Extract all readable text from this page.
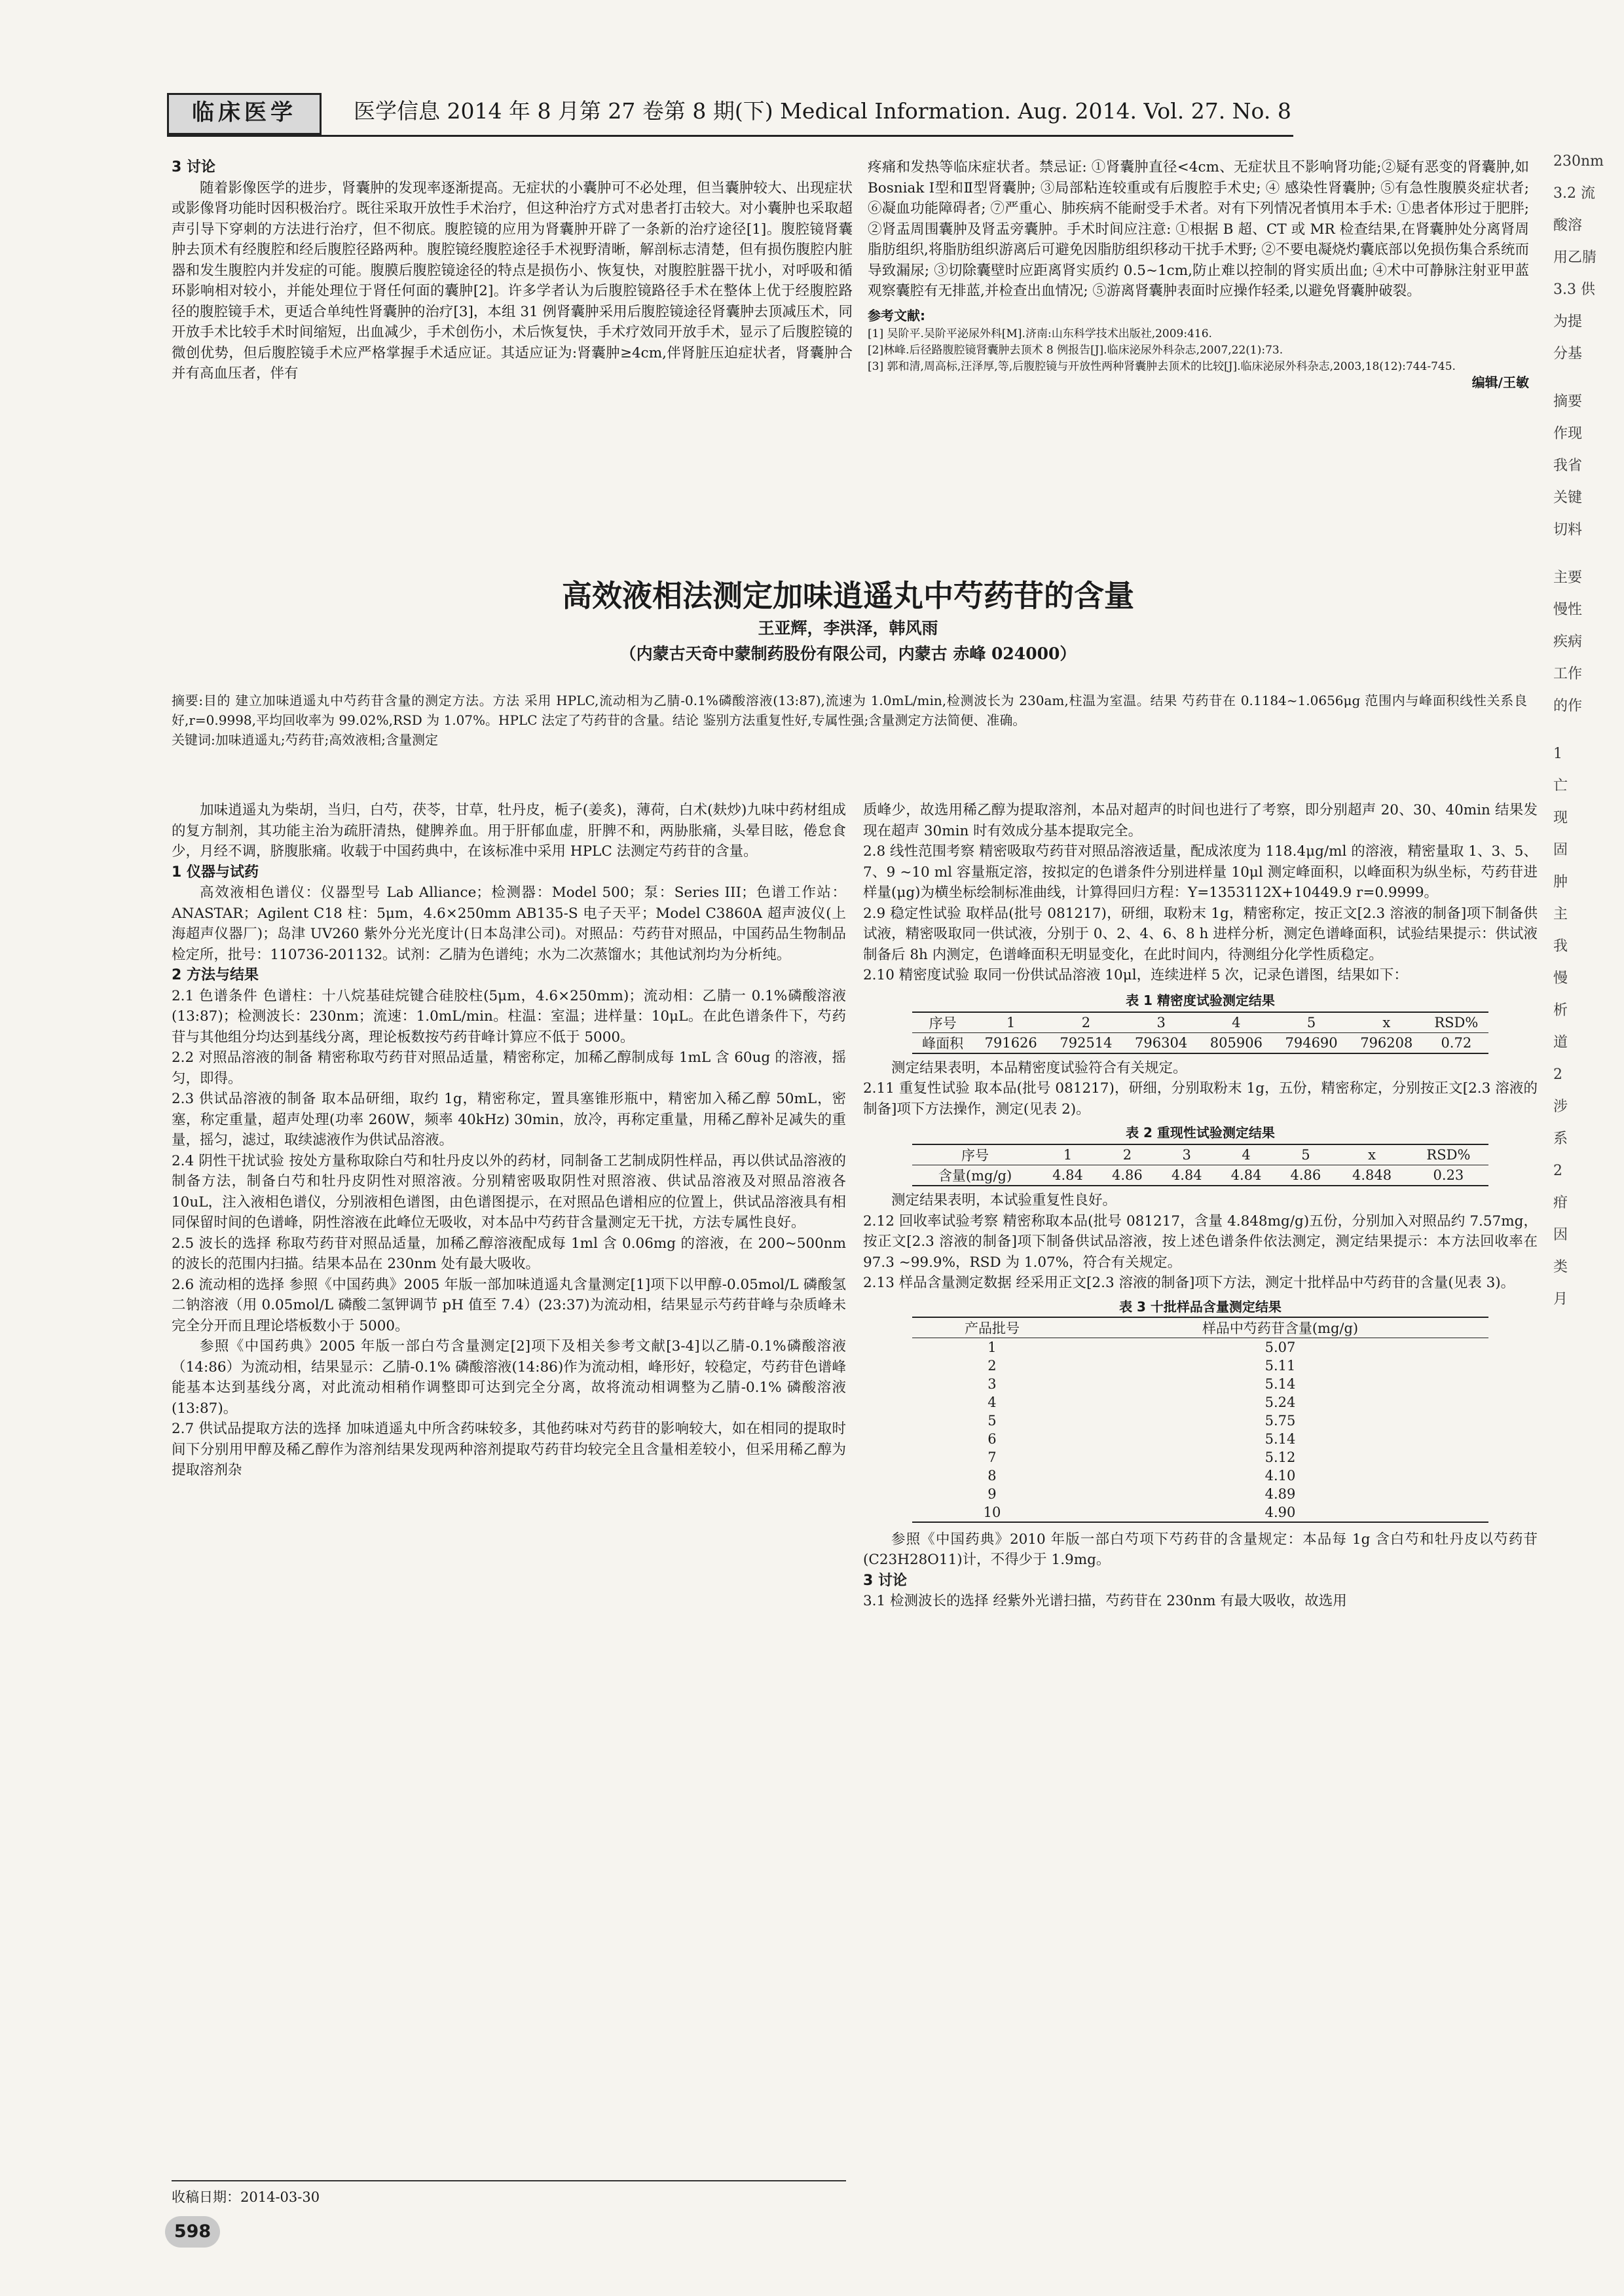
临床医学	医学信息 2014 年 8 月第 27 卷第 8 期(下) Medical Information. Aug. 2014. Vol. 27. No. 8

3 讨论

随着影像医学的进步，肾囊肿的发现率逐渐提高。无症状的小囊肿可不必处理，但当囊肿较大、出现症状或影像肾功能时因积极治疗。既往采取开放性手术治疗，但这种治疗方式对患者打击较大。对小囊肿也采取超声引导下穿刺的方法进行治疗，但不彻底。腹腔镜的应用为肾囊肿开辟了一条新的治疗途径[1]。腹腔镜肾囊肿去顶术有经腹腔和经后腹腔径路两种。腹腔镜经腹腔途径手术视野清晰，解剖标志清楚，但有损伤腹腔内脏器和发生腹腔内并发症的可能。腹膜后腹腔镜途径的特点是损伤小、恢复快，对腹腔脏器干扰小，对呼吸和循环影响相对较小，并能处理位于肾任何面的囊肿[2]。许多学者认为后腹腔镜路径手术在整体上优于经腹腔路径的腹腔镜手术，更适合单纯性肾囊肿的治疗[3]，本组 31 例肾囊肿采用后腹腔镜途径肾囊肿去顶减压术，同开放手术比较手术时间缩短，出血减少，手术创伤小，术后恢复快，手术疗效同开放手术，显示了后腹腔镜的微创优势，但后腹腔镜手术应严格掌握手术适应证。其适应证为:肾囊肿≥4cm,伴肾脏压迫症状者，肾囊肿合并有高血压者，伴有

疼痛和发热等临床症状者。禁忌证: ①肾囊肿直径<4cm、无症状且不影响肾功能;②疑有恶变的肾囊肿,如 Bosniak Ⅰ型和Ⅱ型肾囊肿; ③局部粘连较重或有后腹腔手术史; ④ 感染性肾囊肿; ⑤有急性腹膜炎症状者; ⑥凝血功能障碍者; ⑦严重心、肺疾病不能耐受手术者。对有下列情况者慎用本手术: ①患者体形过于肥胖; ②肾盂周围囊肿及肾盂旁囊肿。手术时间应注意: ①根据 B 超、CT 或 MR 检查结果,在肾囊肿处分离肾周脂肪组织,将脂肪组织游离后可避免因脂肪组织移动干扰手术野; ②不要电凝烧灼囊底部以免损伤集合系统而导致漏尿; ③切除囊壁时应距离肾实质约 0.5~1cm,防止难以控制的肾实质出血; ④术中可静脉注射亚甲蓝观察囊腔有无排蓝,并检查出血情况; ⑤游离肾囊肿表面时应操作轻柔,以避免肾囊肿破裂。

参考文献:

[1] 吴阶平.吴阶平泌尿外科[M].济南:山东科学技术出版社,2009:416.

[2]林峰.后径路腹腔镜肾囊肿去顶术 8 例报告[J].临床泌尿外科杂志,2007,22(1):73.

[3] 郭和清,周高标,汪泽厚,等,后腹腔镜与开放性两种肾囊肿去顶术的比较[J].临床泌尿外科杂志,2003,18(12):744-745.

编辑/王敏

高效液相法测定加味逍遥丸中芍药苷的含量
王亚辉，李洪泽，韩风雨
（内蒙古天奇中蒙制药股份有限公司，内蒙古 赤峰 024000）

摘要:目的 建立加味逍遥丸中芍药苷含量的测定方法。方法 采用 HPLC,流动相为乙腈-0.1%磷酸溶液(13:87),流速为 1.0mL/min,检测波长为 230am,柱温为室温。结果 芍药苷在 0.1184~1.0656μg 范围内与峰面积线性关系良好,r=0.9998,平均回收率为 99.02%,RSD 为 1.07%。HPLC 法定了芍药苷的含量。结论 鉴别方法重复性好,专属性强;含量测定方法简便、准确。

关键词:加味逍遥丸;芍药苷;高效液相;含量测定

加味逍遥丸为柴胡，当归，白芍，茯苓，甘草，牡丹皮，栀子(姜炙)，薄荷，白术(麸炒)九味中药材组成的复方制剂，其功能主治为疏肝清热，健脾养血。用于肝郁血虚，肝脾不和，两胁胀痛，头晕目眩，倦怠食少，月经不调，脐腹胀痛。收载于中国药典中，在该标准中采用 HPLC 法测定芍药苷的含量。

1 仪器与试药

高效液相色谱仪：仪器型号 Lab Alliance；检测器：Model 500；泵：Series III；色谱工作站：ANASTAR；Agilent C18 柱：5μm，4.6×250mm AB135-S 电子天平；Model C3860A 超声波仪(上海超声仪器厂)；岛津 UV260 紫外分光光度计(日本岛津公司)。对照品：芍药苷对照品，中国药品生物制品检定所，批号：110736-201132。试剂：乙腈为色谱纯；水为二次蒸馏水；其他试剂均为分析纯。

2 方法与结果

2.1 色谱条件 色谱柱：十八烷基硅烷键合硅胶柱(5μm，4.6×250mm)；流动相：乙腈一 0.1%磷酸溶液(13:87)；检测波长：230nm；流速：1.0mL/min。柱温：室温；进样量：10μL。在此色谱条件下，芍药苷与其他组分均达到基线分离，理论板数按芍药苷峰计算应不低于 5000。

2.2 对照品溶液的制备 精密称取芍药苷对照品适量，精密称定，加稀乙醇制成每 1mL 含 60ug 的溶液，摇匀，即得。

2.3 供试品溶液的制备 取本品研细，取约 1g，精密称定，置具塞锥形瓶中，精密加入稀乙醇 50mL，密塞，称定重量，超声处理(功率 260W，频率 40kHz) 30min，放冷，再称定重量，用稀乙醇补足减失的重量，摇匀，滤过，取续滤液作为供试品溶液。

2.4 阴性干扰试验 按处方量称取除白芍和牡丹皮以外的药材，同制备工艺制成阴性样品，再以供试品溶液的制备方法，制备白芍和牡丹皮阴性对照溶液。分别精密吸取阴性对照溶液、供试品溶液及对照品溶液各 10uL，注入液相色谱仪，分别液相色谱图，由色谱图提示，在对照品色谱相应的位置上，供试品溶液具有相同保留时间的色谱峰，阴性溶液在此峰位无吸收，对本品中芍药苷含量测定无干扰，方法专属性良好。

2.5 波长的选择 称取芍药苷对照品适量，加稀乙醇溶液配成每 1ml 含 0.06mg 的溶液，在 200~500nm 的波长的范围内扫描。结果本品在 230nm 处有最大吸收。

2.6 流动相的选择 参照《中国药典》2005 年版一部加味逍遥丸含量测定[1]项下以甲醇-0.05mol/L 磷酸氢二钠溶液（用 0.05mol/L 磷酸二氢钾调节 pH 值至 7.4）(23:37)为流动相，结果显示芍药苷峰与杂质峰未完全分开而且理论塔板数小于 5000。

参照《中国药典》2005 年版一部白芍含量测定[2]项下及相关参考文献[3-4]以乙腈-0.1%磷酸溶液（14:86）为流动相，结果显示：乙腈-0.1% 磷酸溶液(14:86)作为流动相，峰形好，较稳定，芍药苷色谱峰能基本达到基线分离，对此流动相稍作调整即可达到完全分离，故将流动相调整为乙腈-0.1% 磷酸溶液(13:87)。

2.7 供试品提取方法的选择 加味逍遥丸中所含药味较多，其他药味对芍药苷的影响较大，如在相同的提取时间下分别用甲醇及稀乙醇作为溶剂结果发现两种溶剂提取芍药苷均较完全且含量相差较小，但采用稀乙醇为提取溶剂杂

收稿日期：2014-03-30
598

质峰少，故选用稀乙醇为提取溶剂，本品对超声的时间也进行了考察，即分别超声 20、30、40min 结果发现在超声 30min 时有效成分基本提取完全。

2.8 线性范围考察 精密吸取芍药苷对照品溶液适量，配成浓度为 118.4μg/ml 的溶液，精密量取 1、3、5、7、9 ~10 ml 容量瓶定溶，按拟定的色谱条件分别进样量 10μl 测定峰面积，以峰面积为纵坐标，芍药苷进样量(μg)为横坐标绘制标准曲线，计算得回归方程：Y=1353112X+10449.9 r=0.9999。

2.9 稳定性试验 取样品(批号 081217)，研细，取粉末 1g，精密称定，按正文[2.3 溶液的制备]项下制备供试液，精密吸取同一供试液，分别于 0、2、4、6、8 h 进样分析，测定色谱峰面积，试验结果提示：供试液制备后 8h 内测定，色谱峰面积无明显变化，在此时间内，待测组分化学性质稳定。

2.10 精密度试验 取同一份供试品溶液 10μl，连续进样 5 次，记录色谱图，结果如下：

表 1 精密度试验测定结果
序号	1	2	3	4	5	x	RSD%
峰面积	791626	792514	796304	805906	794690	796208	0.72

测定结果表明，本品精密度试验符合有关规定。

2.11 重复性试验 取本品(批号 081217)，研细，分别取粉末 1g，五份，精密称定，分别按正文[2.3 溶液的制备]项下方法操作，测定(见表 2)。

表 2 重现性试验测定结果
序号	1	2	3	4	5	x	RSD%
含量(mg/g)	4.84	4.86	4.84	4.84	4.86	4.848	0.23

测定结果表明，本试验重复性良好。

2.12 回收率试验考察 精密称取本品(批号 081217，含量 4.848mg/g)五份，分别加入对照品约 7.57mg，按正文[2.3 溶液的制备]项下制备供试品溶液，按上述色谱条件依法测定，测定结果提示：本方法回收率在 97.3 ~99.9%，RSD 为 1.07%，符合有关规定。

2.13 样品含量测定数据 经采用正文[2.3 溶液的制备]项下方法，测定十批样品中芍药苷的含量(见表 3)。

表 3 十批样品含量测定结果
产品批号	样品中芍药苷含量(mg/g)
1	5.07
2	5.11
3	5.14
4	5.24
5	5.75
6	5.14
7	5.12
8	4.10
9	4.89
10	4.90

参照《中国药典》2010 年版一部白芍项下芍药苷的含量规定：本品每 1g 含白芍和牡丹皮以芍药苷(C23H28O11)计，不得少于 1.9mg。

3 讨论

3.1 检测波长的选择 经紫外光谱扫描，芍药苷在 230nm 有最大吸收，故选用

230nm
3.2 流
酸溶
用乙腈
3.3 供
为提
分基
摘要
作现
我省
关键
切料
主要
慢性
疾病
工作
的作
1
亡
现
固
肿
主
我
慢
析
道
2
涉
系
2
疳
因
类
月
